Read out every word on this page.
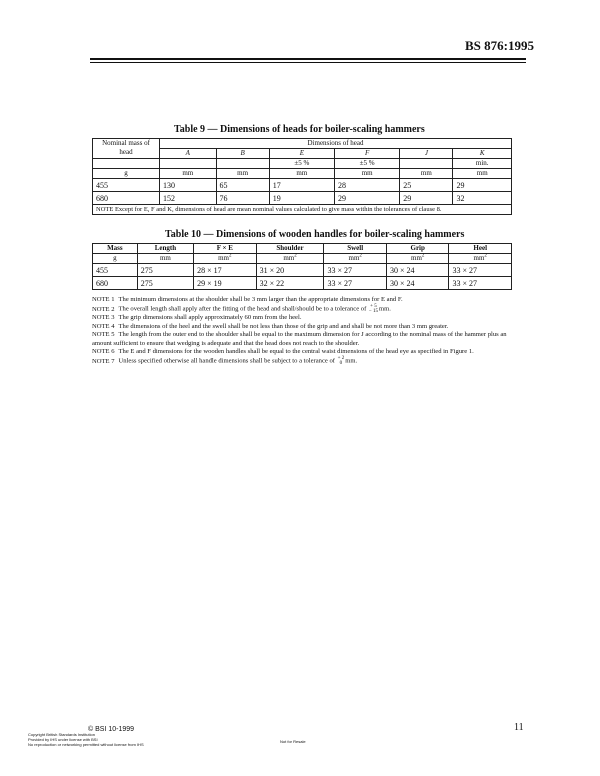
BS 876:1995
Table 9 — Dimensions of heads for boiler-scaling hammers
Nominal mass of head	Dimensions of head					
	A	B	E	F	J	K
			±5 %	±5 %		min.
g	mm	mm	mm	mm	mm	mm
455	130	65	17	28	25	29
680	152	76	19	29	29	32
NOTE Except for E, F and K, dimensions of head are mean nominal values calculated to give mass within the tolerances of clause 8.						
Table 10 — Dimensions of wooden handles for boiler-scaling hammers
Mass	Length	F × E	Shoulder	Swell	Grip	Heel
g	mm	$mm^2$	$mm^2$	$mm^2$	$mm^2$	$mm^2$
455	275	28 × 17	31 × 20	33 × 27	30 × 24	33 × 27
680	275	29 × 19	32 × 22	33 × 27	30 × 24	33 × 27

NOTE 1 The minimum dimensions at the shoulder shall be 3 mm larger than the appropriate dimensions for E and F.

NOTE 2 The overall length shall apply after the fitting of the head and shall/should be to a tolerance of + 5
− 15 mm.

NOTE 3 The grip dimensions shall apply approximately 60 mm from the heel.

NOTE 4 The dimensions of the heel and the swell shall be not less than those of the grip and and shall be not more than 3 mm greater.

NOTE 5 The length from the outer end to the shoulder shall be equal to the maximum dimension for J according to the nominal mass of the hammer plus an amount sufficient to ensure that wedging is adequate and that the head does not reach to the shoulder.

NOTE 6 The E and F dimensions for the wooden handles shall be equal to the central waist dimensions of the head eye as specified in Figure 1.

NOTE 7 Unless specified otherwise all handle dimensions shall be subject to a tolerance of + 2
0 mm.

© BSI 10-1999
Copyright British Standards Institution
Provided by IHS under license with BSI
No reproduction or networking permitted without license from IHS
Not for Resale
11
